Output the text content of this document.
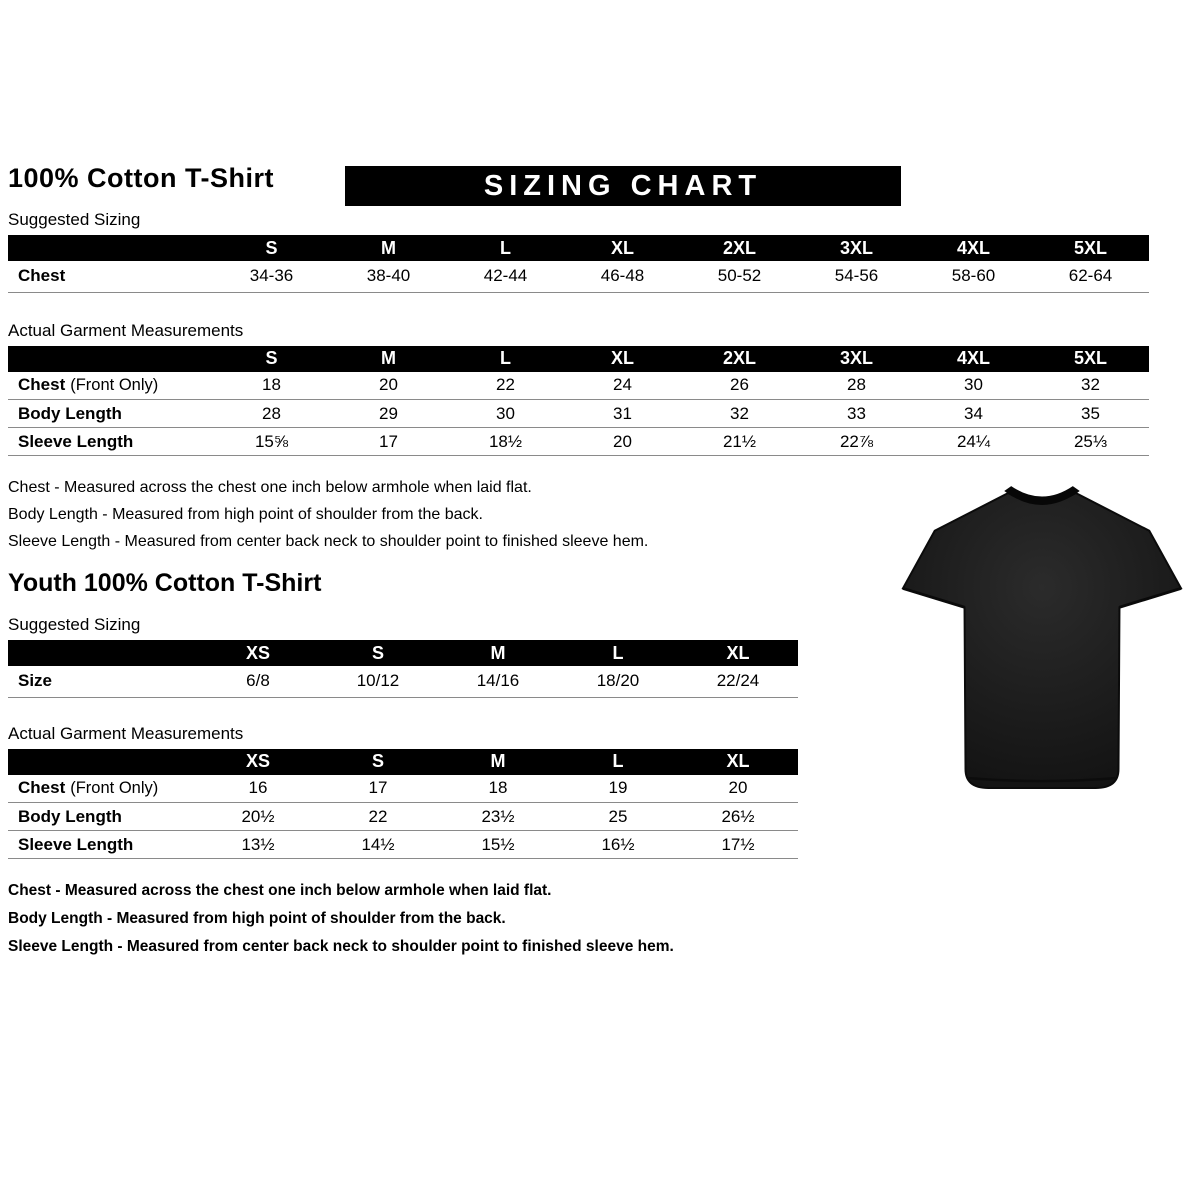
SIZING CHART
100% Cotton T-Shirt
Suggested Sizing
	S	M	L	XL	2XL	3XL	4XL	5XL
Chest	34-36	38-40	42-44	46-48	50-52	54-56	58-60	62-64
Actual Garment Measurements
	S	M	L	XL	2XL	3XL	4XL	5XL
Chest (Front Only)	18	20	22	24	26	28	30	32
Body Length	28	29	30	31	32	33	34	35
Sleeve Length	15⅝	17	18½	20	21½	22⅞	24¼	25⅓
Chest - Measured across the chest one inch below armhole when laid flat.
Body Length - Measured from high point of shoulder from the back.
Sleeve Length - Measured from center back neck to shoulder point to finished sleeve hem.
Youth 100% Cotton T-Shirt
Suggested Sizing
	XS	S	M	L	XL
Size	6/8	10/12	14/16	18/20	22/24
Actual Garment Measurements
	XS	S	M	L	XL
Chest (Front Only)	16	17	18	19	20
Body Length	20½	22	23½	25	26½
Sleeve Length	13½	14½	15½	16½	17½
Chest - Measured across the chest one inch below armhole when laid flat.
Body Length - Measured from high point of shoulder from the back.
Sleeve Length - Measured from center back neck to shoulder point to finished sleeve hem.
